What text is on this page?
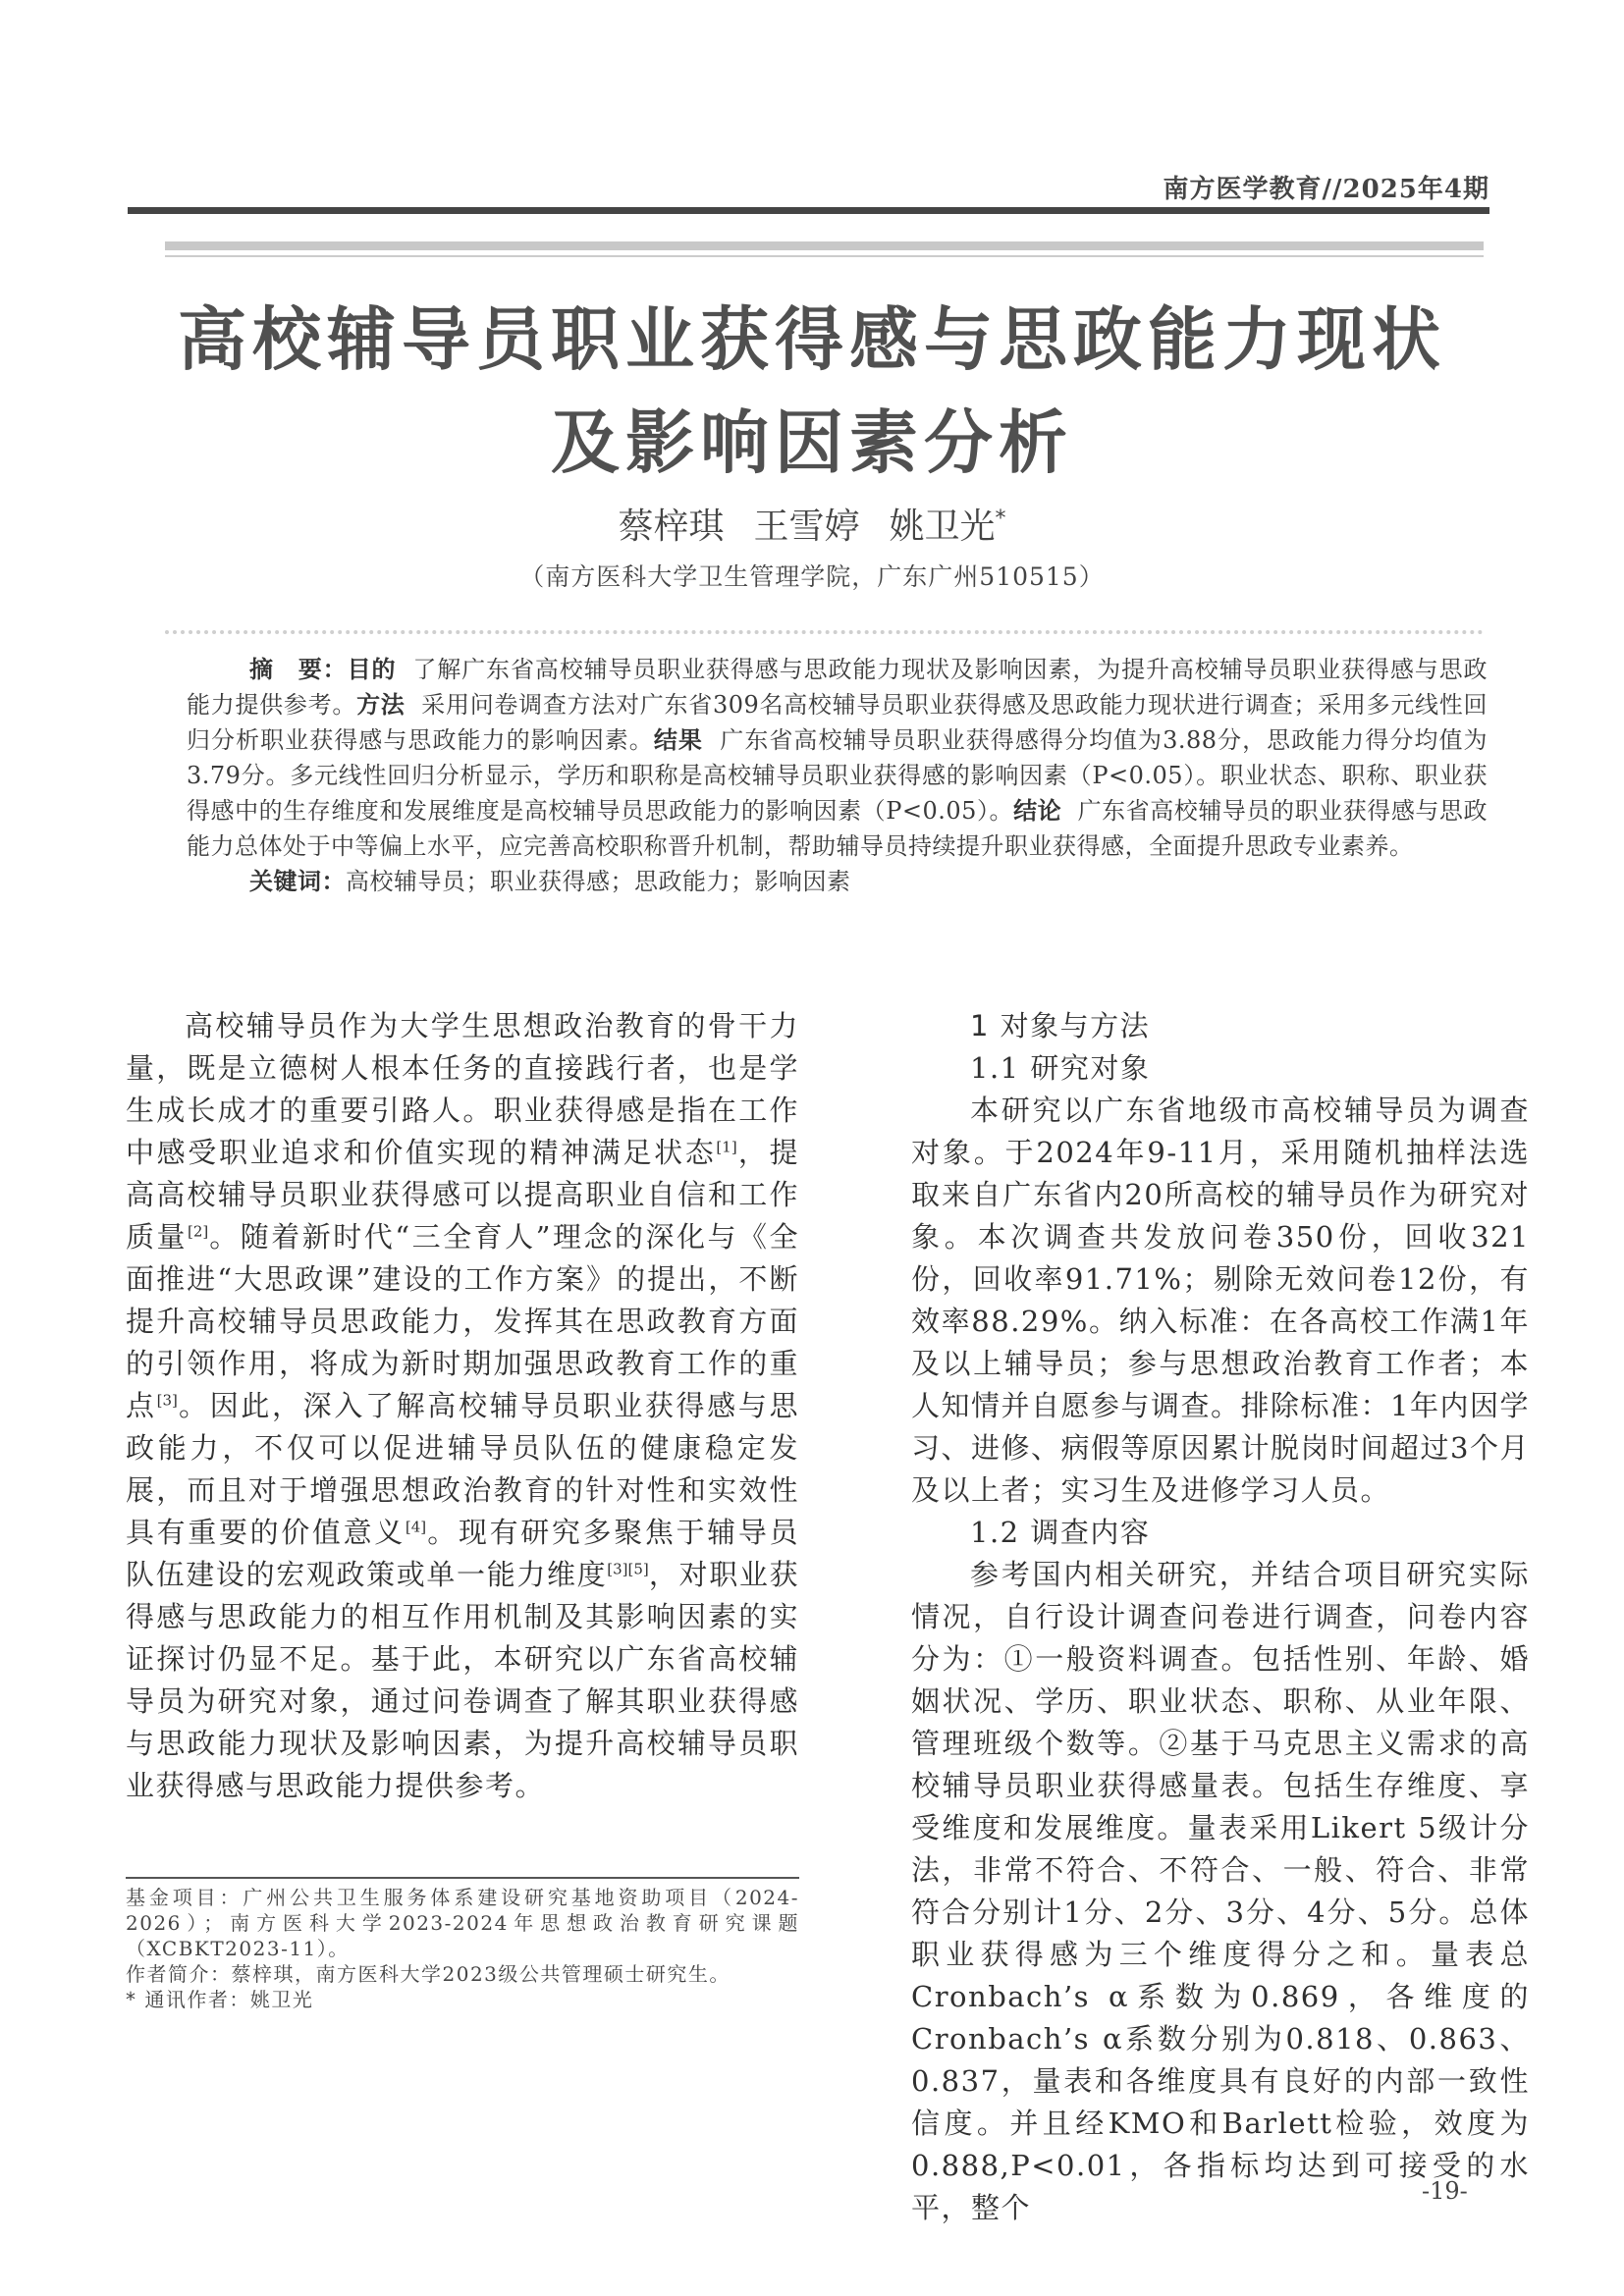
南方医学教育//2025年4期
高校辅导员职业获得感与思政能力现状
及影响因素分析
蔡梓琪 王雪婷 姚卫光*
（南方医科大学卫生管理学院，广东广州510515）

摘　要：目的 了解广东省高校辅导员职业获得感与思政能力现状及影响因素，为提升高校辅导员职业获得感与思政能力提供参考。方法 采用问卷调查方法对广东省309名高校辅导员职业获得感及思政能力现状进行调查；采用多元线性回归分析职业获得感与思政能力的影响因素。结果 广东省高校辅导员职业获得感得分均值为3.88分，思政能力得分均值为3.79分。多元线性回归分析显示，学历和职称是高校辅导员职业获得感的影响因素（P<0.05）。职业状态、职称、职业获得感中的生存维度和发展维度是高校辅导员思政能力的影响因素（P<0.05）。结论 广东省高校辅导员的职业获得感与思政能力总体处于中等偏上水平，应完善高校职称晋升机制，帮助辅导员持续提升职业获得感，全面提升思政专业素养。

关键词：高校辅导员；职业获得感；思政能力；影响因素

高校辅导员作为大学生思想政治教育的骨干力量，既是立德树人根本任务的直接践行者，也是学生成长成才的重要引路人。职业获得感是指在工作中感受职业追求和价值实现的精神满足状态[1]，提高高校辅导员职业获得感可以提高职业自信和工作质量[2]。随着新时代“三全育人”理念的深化与《全面推进“大思政课”建设的工作方案》的提出，不断提升高校辅导员思政能力，发挥其在思政教育方面的引领作用，将成为新时期加强思政教育工作的重点[3]。因此，深入了解高校辅导员职业获得感与思政能力，不仅可以促进辅导员队伍的健康稳定发展，而且对于增强思想政治教育的针对性和实效性具有重要的价值意义[4]。现有研究多聚焦于辅导员队伍建设的宏观政策或单一能力维度[3][5]，对职业获得感与思政能力的相互作用机制及其影响因素的实证探讨仍显不足。基于此，本研究以广东省高校辅导员为研究对象，通过问卷调查了解其职业获得感与思政能力现状及影响因素，为提升高校辅导员职业获得感与思政能力提供参考。

基金项目：广州公共卫生服务体系建设研究基地资助项目（2024-2026）；南方医科大学2023-2024年思想政治教育研究课题（XCBKT2023-11）。

作者简介：蔡梓琪，南方医科大学2023级公共管理硕士研究生。

* 通讯作者：姚卫光

1 对象与方法

1.1 研究对象

本研究以广东省地级市高校辅导员为调查对象。于2024年9-11月，采用随机抽样法选取来自广东省内20所高校的辅导员作为研究对象。本次调查共发放问卷350份，回收321份，回收率91.71%；剔除无效问卷12份，有效率88.29%。纳入标准：在各高校工作满1年及以上辅导员；参与思想政治教育工作者；本人知情并自愿参与调查。排除标准：1年内因学习、进修、病假等原因累计脱岗时间超过3个月及以上者；实习生及进修学习人员。

1.2 调查内容

参考国内相关研究，并结合项目研究实际情况，自行设计调查问卷进行调查，问卷内容分为：①一般资料调查。包括性别、年龄、婚姻状况、学历、职业状态、职称、从业年限、管理班级个数等。②基于马克思主义需求的高校辅导员职业获得感量表。包括生存维度、享受维度和发展维度。量表采用Likert 5级计分法，非常不符合、不符合、一般、符合、非常符合分别计1分、2分、3分、4分、5分。总体职业获得感为三个维度得分之和。量表总Cronbach’s α系数为0.869，各维度的Cronbach’s α系数分别为0.818、0.863、0.837，量表和各维度具有良好的内部一致性信度。并且经KMO和Barlett检验，效度为0.888,P<0.01，各指标均达到可接受的水平，整个	-19-
